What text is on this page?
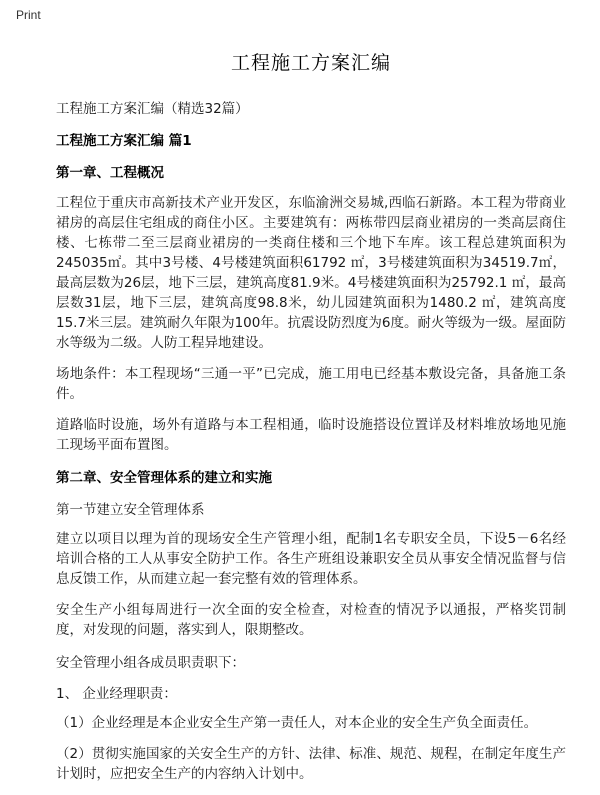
Print
工程施工方案汇编

工程施工方案汇编（精选32篇）

工程施工方案汇编 篇1

第一章、工程概况

工程位于重庆市高新技术产业开发区，东临渝洲交易城,西临石新路。本工程为带商业裙房的高层住宅组成的商住小区。主要建筑有：两栋带四层商业裙房的一类高层商住楼、七栋带二至三层商业裙房的一类商住楼和三个地下车库。该工程总建筑面积为245035㎡。其中3号楼、4号楼建筑面积61792 ㎡，3号楼建筑面积为34519.7㎡，最高层数为26层，地下三层，建筑高度81.9米。4号楼建筑面积为25792.1 ㎡，最高层数31层，地下三层，建筑高度98.8米，幼儿园建筑面积为1480.2 ㎡，建筑高度15.7米三层。建筑耐久年限为100年。抗震设防烈度为6度。耐火等级为一级。屋面防水等级为二级。人防工程异地建设。

场地条件：本工程现场“三通一平”已完成，施工用电已经基本敷设完备，具备施工条件。

道路临时设施，场外有道路与本工程相通，临时设施搭设位置详及材料堆放场地见施工现场平面布置图。

第二章、安全管理体系的建立和实施

第一节建立安全管理体系

建立以项目以理为首的现场安全生产管理小组，配制1名专职安全员，下设5－6名经培训合格的工人从事安全防护工作。各生产班组设兼职安全员从事安全情况监督与信息反馈工作，从而建立起一套完整有效的管理体系。

安全生产小组每周进行一次全面的安全检查，对检查的情况予以通报，严格奖罚制度，对发现的问题，落实到人，限期整改。

安全管理小组各成员职责职下：

1、 企业经理职责：

（1）企业经理是本企业安全生产第一责任人，对本企业的安全生产负全面责任。

（2）贯彻实施国家的关安全生产的方针、法律、标准、规范、规程，在制定年度生产计划时，应把安全生产的内容纳入计划中。
